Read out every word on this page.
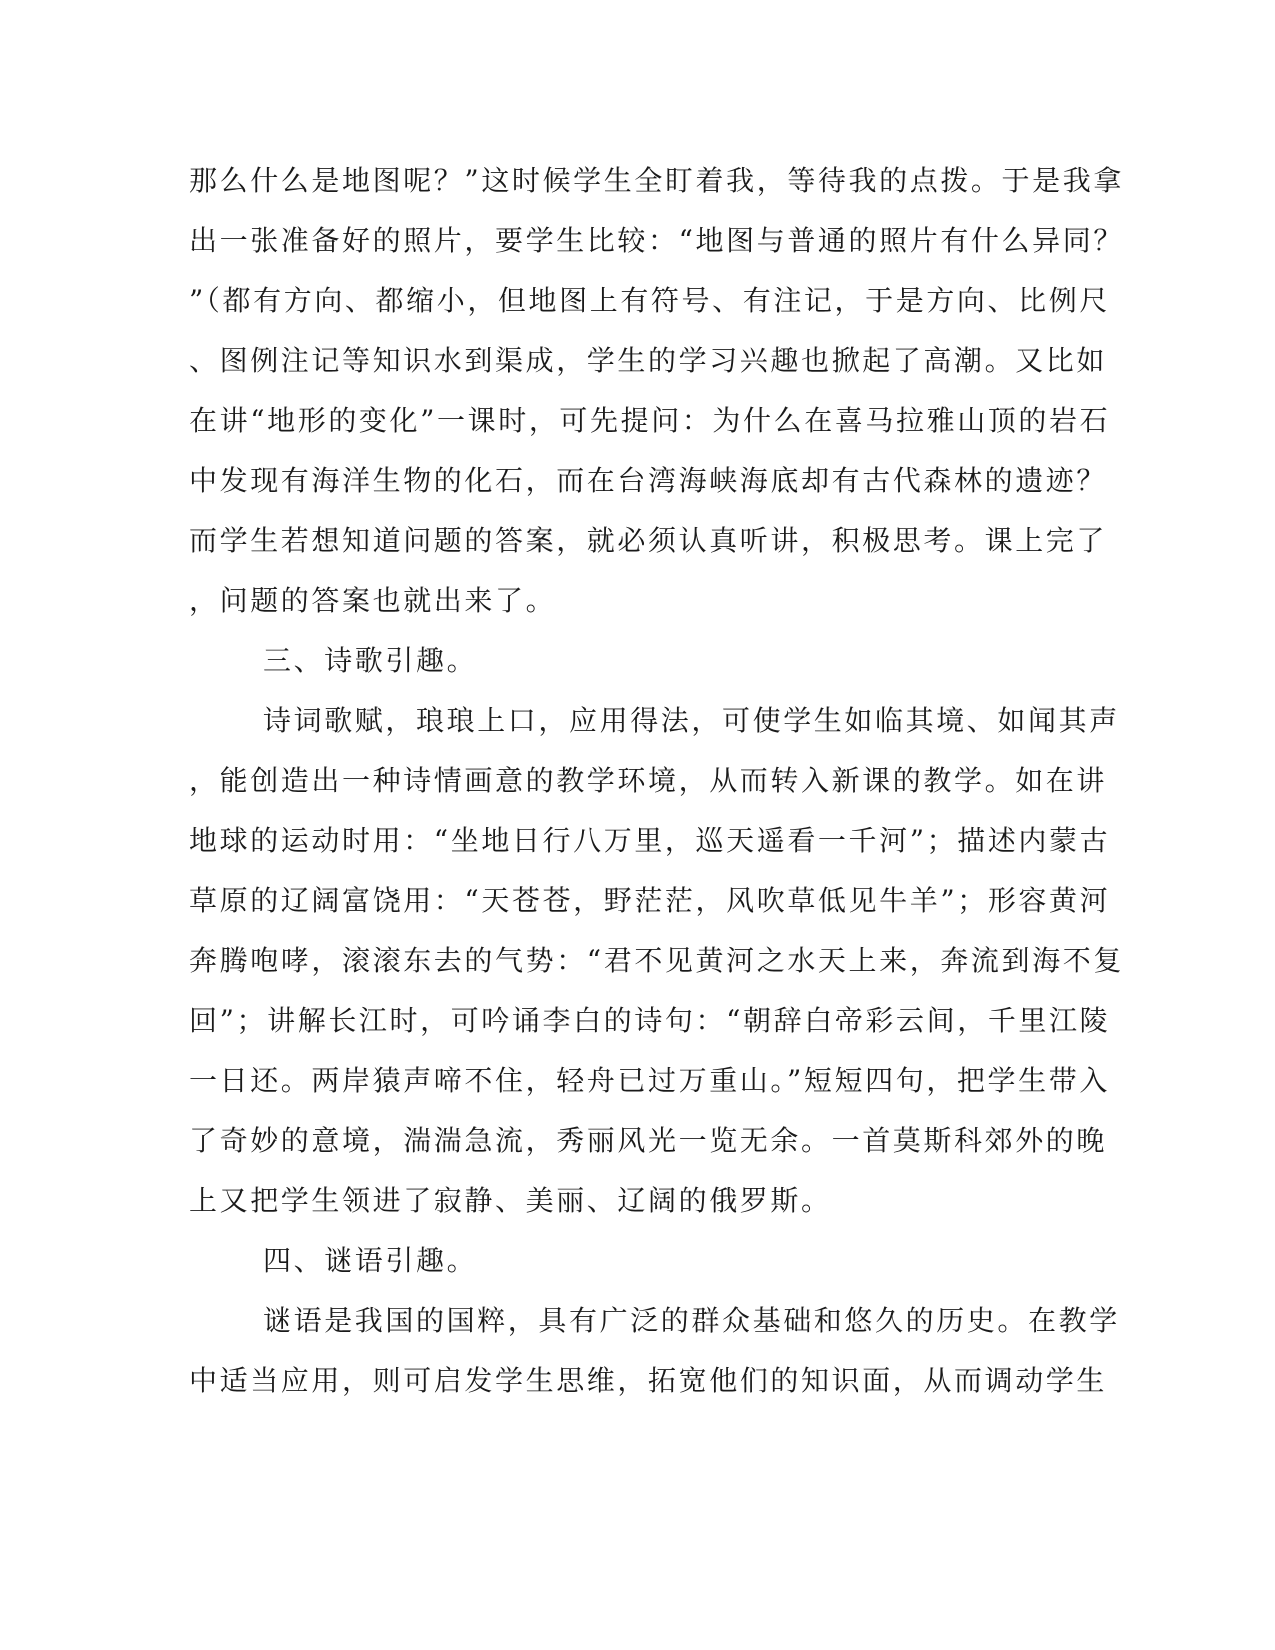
那么什么是地图呢？”这时候学生全盯着我，等待我的点拨。于是我拿
出一张准备好的照片，要学生比较：“地图与普通的照片有什么异同？
”（都有方向、都缩小，但地图上有符号、有注记，于是方向、比例尺
、图例注记等知识水到渠成，学生的学习兴趣也掀起了高潮。又比如
在讲“地形的变化”一课时，可先提问：为什么在喜马拉雅山顶的岩石
中发现有海洋生物的化石，而在台湾海峡海底却有古代森林的遗迹？
而学生若想知道问题的答案，就必须认真听讲，积极思考。课上完了
，问题的答案也就出来了。
三、诗歌引趣。
诗词歌赋，琅琅上口，应用得法，可使学生如临其境、如闻其声
，能创造出一种诗情画意的教学环境，从而转入新课的教学。如在讲
地球的运动时用：“坐地日行八万里，巡天遥看一千河”；描述内蒙古
草原的辽阔富饶用：“天苍苍，野茫茫，风吹草低见牛羊”；形容黄河
奔腾咆哮，滚滚东去的气势：“君不见黄河之水天上来，奔流到海不复
回”；讲解长江时，可吟诵李白的诗句：“朝辞白帝彩云间，千里江陵
一日还。两岸猿声啼不住，轻舟已过万重山。”短短四句，把学生带入
了奇妙的意境，湍湍急流，秀丽风光一览无余。一首莫斯科郊外的晚
上又把学生领进了寂静、美丽、辽阔的俄罗斯。
四、谜语引趣。
谜语是我国的国粹，具有广泛的群众基础和悠久的历史。在教学
中适当应用，则可启发学生思维，拓宽他们的知识面，从而调动学生
